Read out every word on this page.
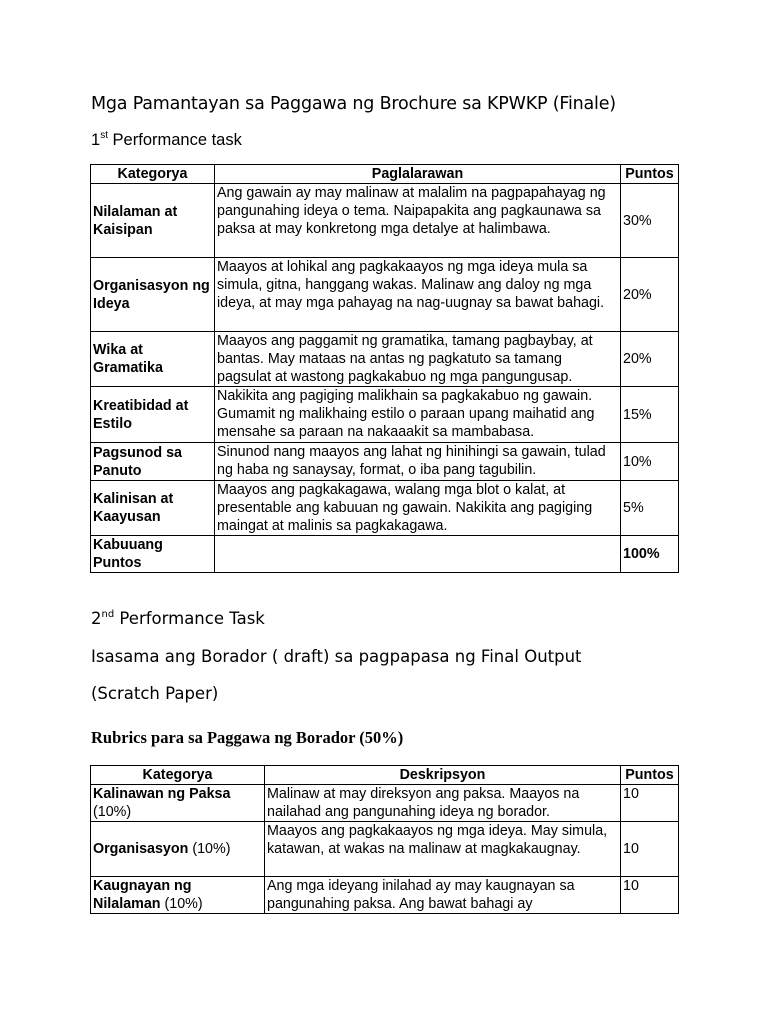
Mga Pamantayan sa Paggawa ng Brochure sa KPWKP (Finale)
1st Performance task
Kategorya	Paglalarawan	Puntos
Nilalaman at Kaisipan	Ang gawain ay may malinaw at malalim na pagpapahayag ng pangunahing ideya o tema. Naipapakita ang pagkaunawa sa paksa at may konkretong mga detalye at halimbawa.	30%
Organisasyon ng Ideya	Maayos at lohikal ang pagkakaayos ng mga ideya mula sa simula, gitna, hanggang wakas. Malinaw ang daloy ng mga ideya, at may mga pahayag na nag-uugnay sa bawat bahagi.	20%
Wika at Gramatika	Maayos ang paggamit ng gramatika, tamang pagbaybay, at bantas. May mataas na antas ng pagkatuto sa tamang pagsulat at wastong pagkakabuo ng mga pangungusap.	20%
Kreatibidad at Estilo	Nakikita ang pagiging malikhain sa pagkakabuo ng gawain. Gumamit ng malikhaing estilo o paraan upang maihatid ang mensahe sa paraan na nakaaakit sa mambabasa.	15%
Pagsunod sa Panuto	Sinunod nang maayos ang lahat ng hinihingi sa gawain, tulad ng haba ng sanaysay, format, o iba pang tagubilin.	10%
Kalinisan at Kaayusan	Maayos ang pagkakagawa, walang mga blot o kalat, at presentable ang kabuuan ng gawain. Nakikita ang pagiging maingat at malinis sa pagkakagawa.	5%
Kabuuang Puntos		100%
2nd Performance Task
Isasama ang Borador ( draft) sa pagpapasa ng Final Output
(Scratch Paper)
Rubrics para sa Paggawa ng Borador (50%)
Kategorya	Deskripsyon	Puntos
Kalinawan ng Paksa (10%)	Malinaw at may direksyon ang paksa. Maayos na nailahad ang pangunahing ideya ng borador.	10
Organisasyon (10%)	Maayos ang pagkakaayos ng mga ideya. May simula, katawan, at wakas na malinaw at magkakaugnay.	10
Kaugnayan ng Nilalaman (10%)	Ang mga ideyang inilahad ay may kaugnayan sa pangunahing paksa. Ang bawat bahagi ay	10
